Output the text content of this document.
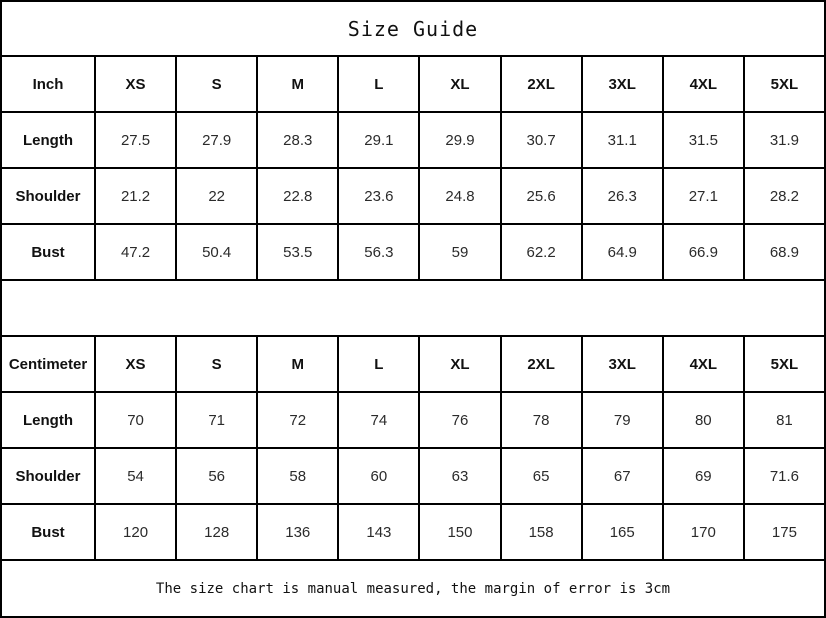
Size Guide									
Inch	XS	S	M	L	XL	2XL	3XL	4XL	5XL
Length	27.5	27.9	28.3	29.1	29.9	30.7	31.1	31.5	31.9
Shoulder	21.2	22	22.8	23.6	24.8	25.6	26.3	27.1	28.2
Bust	47.2	50.4	53.5	56.3	59	62.2	64.9	66.9	68.9

Centimeter	XS	S	M	L	XL	2XL	3XL	4XL	5XL
Length	70	71	72	74	76	78	79	80	81
Shoulder	54	56	58	60	63	65	67	69	71.6
Bust	120	128	136	143	150	158	165	170	175
The size chart is manual measured, the margin of error is 3cm									
